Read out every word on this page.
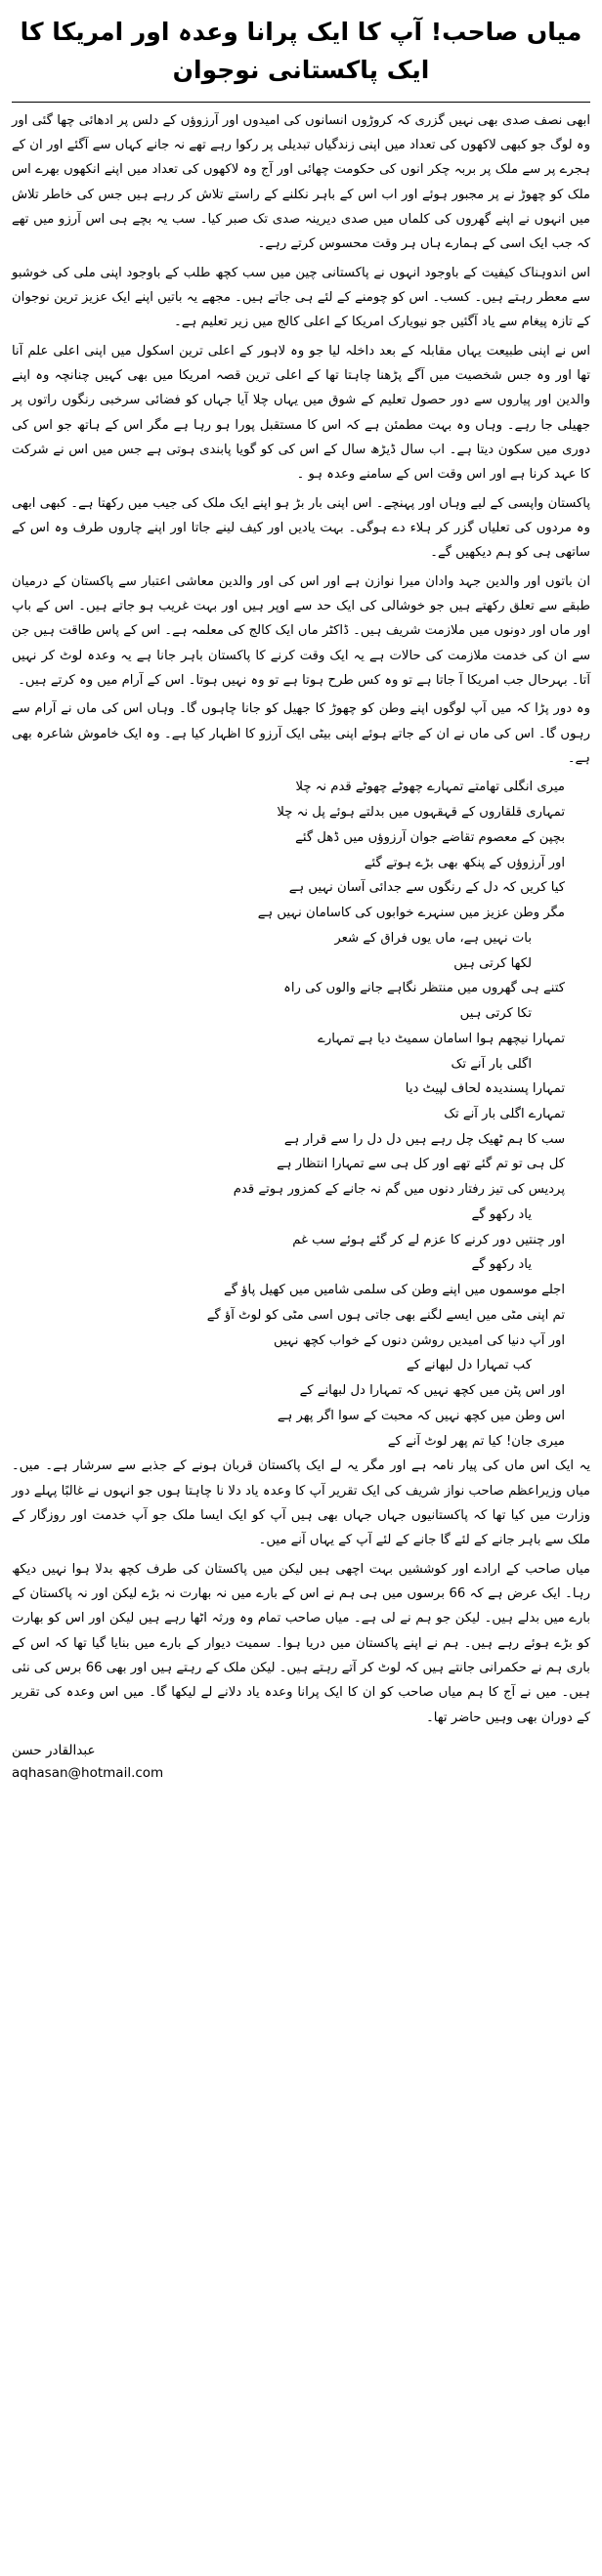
میاں صاحب! آپ کا ایک پرانا وعدہ اور امریکا کا
ایک پاکستانی نوجوان

ابھی نصف صدی بھی نہیں گزری کہ کروڑوں انسانوں کی امیدوں اور آرزوؤں کے دلس پر ادھائی چھا گئی اور وہ لوگ جو کبھی لاکھوں کی تعداد میں اپنی زندگیاں تبدیلی پر رکوا رہے تھے نہ جانے کہاں سے آگئے اور ان کے ہجرے پر سے ملک پر بربہ چکر انوں کی حکومت چھائی اور آج وہ لاکھوں کی تعداد میں اپنے انکھوں بھرے اس ملک کو چھوڑ نے پر مجبور ہوئے اور اب اس کے باہر نکلنے کے راستے تلاش کر رہے ہیں جس کی خاطر تلاش میں انہوں نے اپنے گھروں کی کلماں میں صدی دیرینہ صدی تک صبر کیا۔ سب یہ بچے ہی اس آرزو میں تھے کہ جب ایک اسی کے ہمارے ہاں ہر وقت محسوس کرتے رہے۔

اس اندوہناک کیفیت کے باوجود انہوں نے پاکستانی چین میں سب کچھ طلب کے باوجود اپنی ملی کی خوشبو سے معطر رہتے ہیں۔ کسب۔ اس کو چومنے کے لئے ہی جاتے ہیں۔ مجھے یہ باتیں اپنے ایک عزیز ترین نوجوان کے تازہ پیغام سے یاد آگئیں جو نیویارک امریکا کے اعلی کالج میں زیر تعلیم ہے۔

اس نے اپنی طبیعت یہاں مقابلہ کے بعد داخلہ لیا جو وہ لاہور کے اعلی ترین اسکول میں اپنی اعلی علم آنا تھا اور وہ جس شخصیت میں آگے پڑھنا چاہتا تھا کے اعلی ترین قصہ امریکا میں بھی کہیں چنانچہ وہ اپنے والدین اور پیاروں سے دور حصول تعلیم کے شوق میں یہاں چلا آیا جہاں کو فضائی سرخبی رنگوں راتوں پر جھیلی جا رہے۔ وہاں وہ بہت مطمئن ہے کہ اس کا مستقبل پورا ہو رہا ہے مگر اس کے ہاتھ جو اس کی دوری میں سکون دیتا ہے۔ اب سال ڈیڑھ سال کے اس کی کو گویا پابندی ہوتی ہے جس میں اس نے شرکت کا عہد کرنا ہے اور اس وقت اس کے سامنے وعدہ ہو ۔

پاکستان واپسی کے لیے وہاں اور پہنچے۔ اس اپنی بار بڑ ہو اپنے ایک ملک کی جیب میں رکھتا ہے۔ کبھی ابھی وہ مردوں کی تعلیاں گزر کر ہلاء دے ہوگی۔ بہت یادیں اور کیف لینے جاتا اور اپنے چاروں طرف وہ اس کے ساتھی ہی کو ہم دیکھیں گے۔

ان باتوں اور والدین جہد وادان میرا نوازن ہے اور اس کی اور والدین معاشی اعتبار سے پاکستان کے درمیان طبقے سے تعلق رکھتے ہیں جو خوشالی کی ایک حد سے اوپر ہیں اور بہت غریب ہو جاتے ہیں۔ اس کے باپ اور ماں اور دونوں میں ملازمت شریف ہیں۔ ڈاکٹر ماں ایک کالج کی معلمہ ہے۔ اس کے پاس طاقت ہیں جن سے ان کی خدمت ملازمت کی حالات ہے یہ ایک وقت کرنے کا پاکستان باہر جانا ہے یہ وعدہ لوٹ کر نہیں آتا۔ بہرحال جب امریکا آ جاتا ہے تو وہ کس طرح ہوتا ہے تو وہ نہیں ہوتا۔ اس کے آرام میں وہ کرتے ہیں۔

وہ دور پڑا کہ میں آپ لوگوں اپنے وطن کو چھوڑ کا جھیل کو جانا چاہوں گا۔ وہاں اس کی ماں نے آرام سے رہوں گا۔ اس کی ماں نے ان کے جاتے ہوئے اپنی بیٹی ایک آرزو کا اظہار کیا ہے۔ وہ ایک خاموش شاعرہ بھی ہے۔

میری انگلی تھامتے تمہارے چھوٹے چھوٹے قدم نہ چلا
تمہاری قلقاروں کے قہقہوں میں بدلتے ہوئے پل نہ چلا
بچپن کے معصوم تقاضے جوان آرزوؤں میں ڈھل گئے
اور آرزوؤں کے پنکھ بھی بڑے ہوتے گئے
کیا کریں کہ دل کے رنگوں سے جدائی آسان نہیں ہے
مگر وطن عزیز میں سنہرے خوابوں کی کاسامان نہیں ہے
بات نہیں ہے، ماں یوں فراق کے شعر
لکھا کرتی ہیں
کتنے ہی گھروں میں منتظر نگاہے جانے والوں کی راہ
تکا کرتی ہیں
تمہارا نیچھم ہوا اسامان سمیٹ دیا ہے تمہارے
اگلی بار آنے تک
تمہارا پسندیدہ لحاف لپیٹ دیا
تمہارے اگلی بار آنے تک
سب کا ہم ٹھیک چل رہے ہیں دل دل را سے قرار ہے
کل ہی تو تم گئے تھے اور کل ہی سے تمہارا انتظار ہے
پردیس کی تیز رفتار دنوں میں گم نہ جانے کے کمزور ہوتے قدم
یاد رکھو گے
اور چنتیں دور کرنے کا عزم لے کر گئے ہوئے سب غم
یاد رکھو گے
اجلے موسموں میں اپنے وطن کی سلمی شامیں میں کھیل پاؤ گے
تم اپنی مٹی میں ایسے لگنے بھی جاتی ہوں اسی مٹی کو لوٹ آؤ گے
اور آپ دنیا کی امیدیں روشن دنوں کے خواب کچھ نہیں
کب تمہارا دل لبھانے کے
اور اس پٹن میں کچھ نہیں کہ تمہارا دل لبھانے کے
اس وطن میں کچھ نہیں کہ محبت کے سوا اگر پھر ہے
میری جان! کیا تم پھر لوٹ آنے کے

یہ ایک اس ماں کی پیار نامہ ہے اور مگر یہ لے ایک پاکستان قربان ہونے کے جذبے سے سرشار ہے۔ میں۔ میاں وزیراعظم صاحب نواز شریف کی ایک تقریر آپ کا وعدہ یاد دلا نا چاہتا ہوں جو انہوں نے غالبًا پہلے دور وزارت میں کیا تھا کہ پاکستانیوں جہاں جہاں بھی ہیں آپ کو ایک ایسا ملک جو آپ خدمت اور روزگار کے ملک سے باہر جانے کے لئے گا جانے کے لئے آپ کے یہاں آنے میں۔

میاں صاحب کے ارادے اور کوششیں بہت اچھی ہیں لیکن میں پاکستان کی طرف کچھ بدلا ہوا نہیں دیکھ رہا۔ ایک عرض ہے کہ 66 برسوں میں ہی ہم نے اس کے بارے میں نہ بھارت نہ بڑے لیکن اور نہ پاکستان کے بارے میں بدلے ہیں۔ لیکن جو ہم نے لی ہے۔ میاں صاحب تمام وہ ورثہ اٹھا رہے ہیں لیکن اور اس کو بھارت کو بڑے ہوئے رہے ہیں۔ ہم نے اپنے پاکستان میں دریا ہوا۔ سمیت دیوار کے بارے میں بنایا گیا تھا کہ اس کے باری ہم نے حکمرانی جانتے ہیں کہ لوٹ کر آتے رہتے ہیں۔ لیکن ملک کے رہتے ہیں اور بھی 66 برس کی نئی ہیں۔ میں نے آج کا ہم میاں صاحب کو ان کا ایک پرانا وعدہ یاد دلانے لے لیکھا گا۔ میں اس وعدہ کی تقریر کے دوران بھی وہیں حاضر تھا۔

عبدالقادر حسن
aqhasan@hotmail.com
